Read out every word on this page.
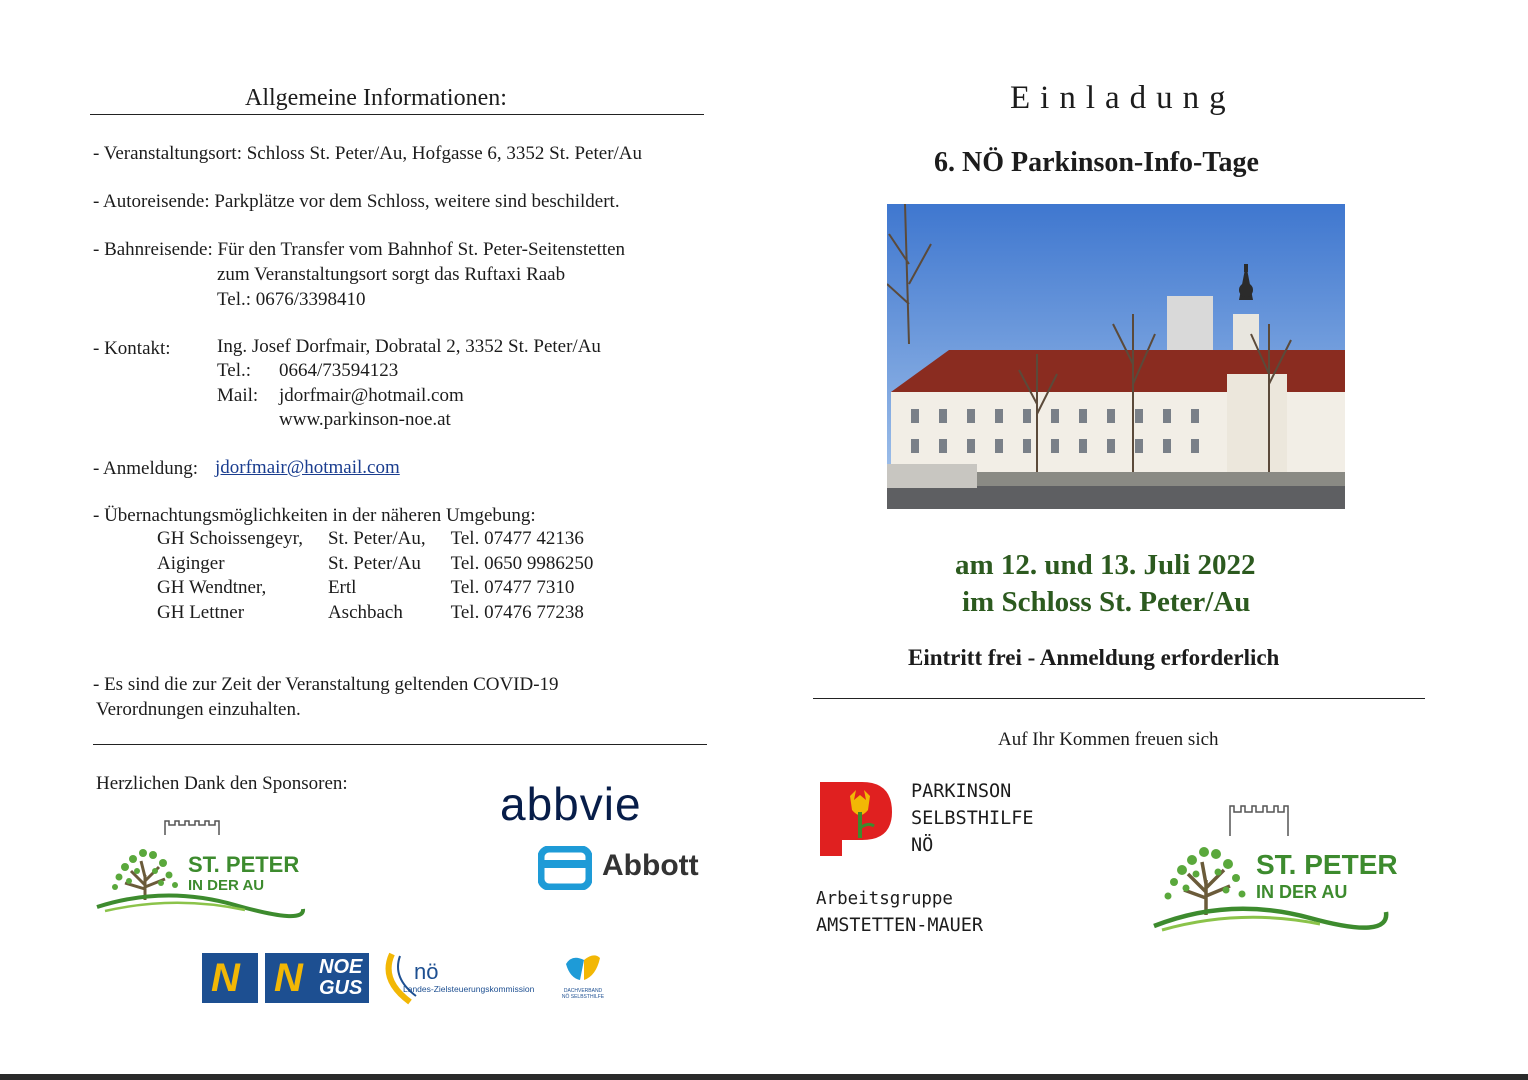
Allgemeine Informationen:
- Veranstaltungsort: Schloss St. Peter/Au, Hofgasse 6, 3352 St. Peter/Au
- Autoreisende: Parkplätze vor dem Schloss, weitere sind beschildert.
- Bahnreisende: Für den Transfer vom Bahnhof St. Peter-Seitenstetten
zum Veranstaltungsort sorgt das Ruftaxi Raab
Tel.: 0676/3398410
- Kontakt: Ing. Josef Dorfmair, Dobratal 2, 3352 St. Peter/Au
Tel.: 0664/73594123
Mail: jdorfmair@hotmail.com
www.parkinson-noe.at
- Anmeldung: jdorfmair@hotmail.com
- Übernachtungsmöglichkeiten in der näheren Umgebung:
GH Schoissengeyr,	St. Peter/Au,	Tel. 07477 42136
Aiginger	St. Peter/Au	Tel. 0650 9986250
GH Wendtner,	Ertl	Tel. 07477 7310
GH Lettner	Aschbach	Tel. 07476 77238
- Es sind die zur Zeit der Veranstaltung geltenden COVID-19
Verordnungen einzuhalten.
Herzlichen Dank den Sponsoren:
ST. PETER
IN DER AU
abbvie
Abbott
N N NOE
GUS
nö
Landes-Zielsteuerungskommission	DACHVERBAND
NÖ SELBSTHILFE
Einladung
6. NÖ Parkinson-Info-Tage
am 12. und 13. Juli 2022
im Schloss St. Peter/Au
Eintritt frei - Anmeldung erforderlich
Auf Ihr Kommen freuen sich
PARKINSON
SELBSTHILFE
NÖ
Arbeitsgruppe
AMSTETTEN-MAUER
ST. PETER
IN DER AU
